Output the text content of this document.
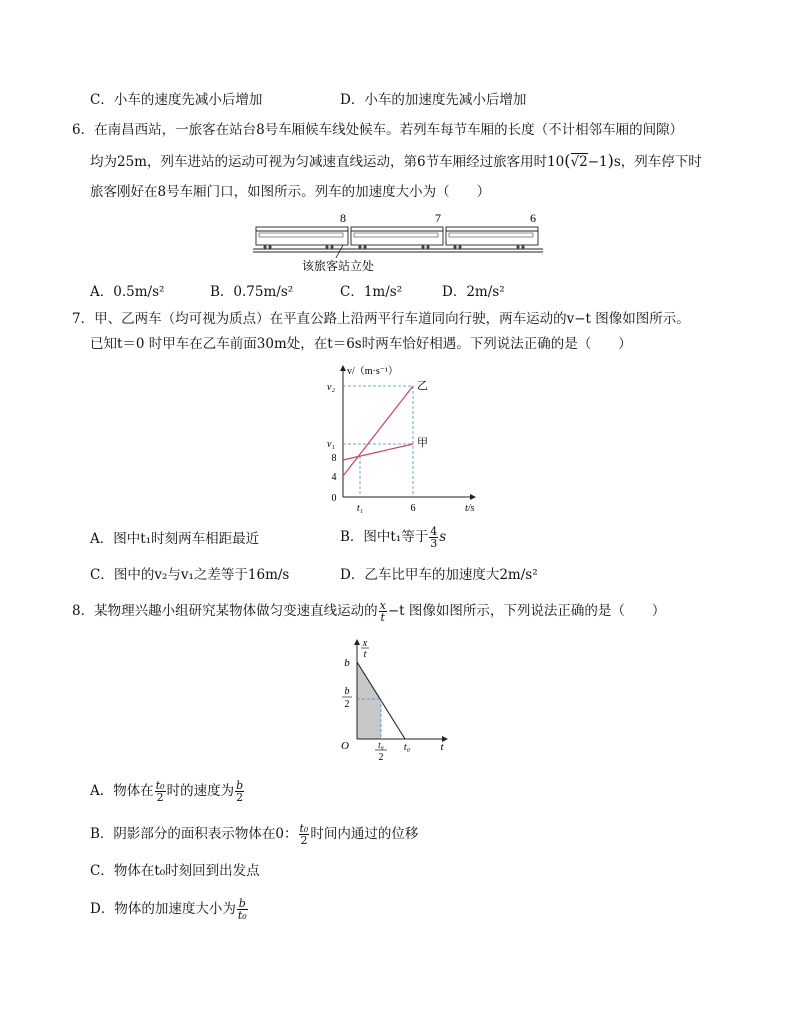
C．小车的速度先减小后增加	D．小车的加速度先减小后增加
6．在南昌西站，一旅客在站台8号车厢候车线处候车。若列车每节车厢的长度（不计相邻车厢的间隙）
均为25m，列车进站的运动可视为匀减速直线运动，第6节车厢经过旅客用时10(√2−1)s，列车停下时
旅客刚好在8号车厢门口，如图所示。列车的加速度大小为（　　）
8	7	6
该旅客站立处
A．0.5m/s²	B．0.75m/s²	C．1m/s²	D．2m/s²
7．甲、乙两车（均可视为质点）在平直公路上沿两平行车道同向行驶，两车运动的v−t 图像如图所示。
已知t＝0 时甲车在乙车前面30m处，在t＝6s时两车恰好相遇。下列说法正确的是（　　）
v/（m·s⁻¹）
v₂
v₁
8
4
0
t₁	6	t/s
乙
甲
A．图中t₁时刻两车相距最近	B．图中t₁等于 $\frac{4}{3}$ s
C．图中的v₂与v₁之差等于16m/s	D．乙车比甲车的加速度大2m/s²
8．某物理兴趣小组研究某物体做匀变速直线运动的 $\frac{x}{t} -t$ 图像如图所示，下列说法正确的是（　　）
x
t
b
b
2
O	t₀
2
t₀	t
A．物体在 $\frac{\text{t₀}}{2}$ 时的速度为 $\frac{b}{2}$
B．阴影部分的面积表示物体在0： $\frac{\text{t₀}}{2}$ 时间内通过的位移
C．物体在t₀时刻回到出发点
D．物体的加速度大小为 $\frac{b}{\text{t₀}}$
